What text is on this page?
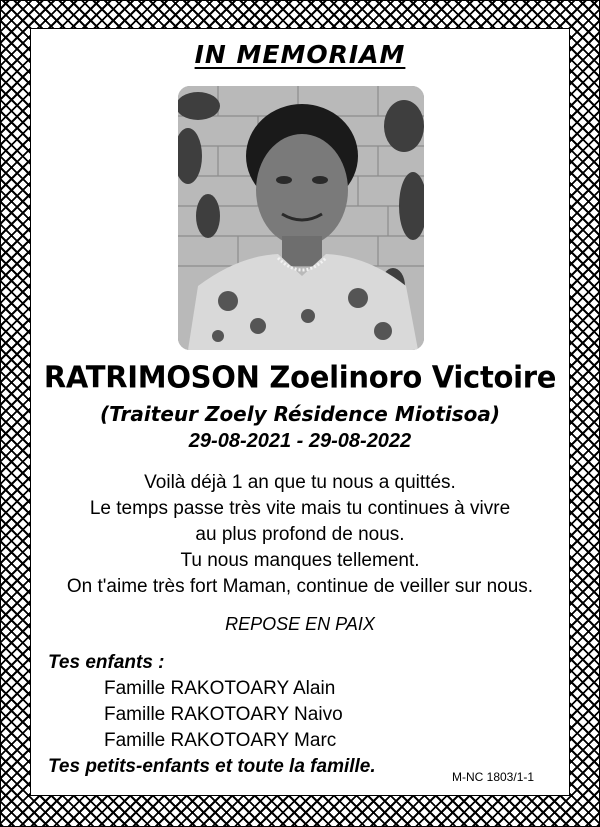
IN MEMORIAM
RATRIMOSON Zoelinoro Victoire
(Traiteur Zoely Résidence Miotisoa)
29-08-2021 - 29-08-2022
Voilà déjà 1 an que tu nous a quittés.
Le temps passe très vite mais tu continues à vivre
au plus profond de nous.
Tu nous manques tellement.
On t'aime très fort Maman, continue de veiller sur nous.
REPOSE EN PAIX
Tes enfants :
Famille RAKOTOARY Alain
Famille RAKOTOARY Naivo
Famille RAKOTOARY Marc
Tes petits-enfants et toute la famille.	M-NC 1803/1-1
